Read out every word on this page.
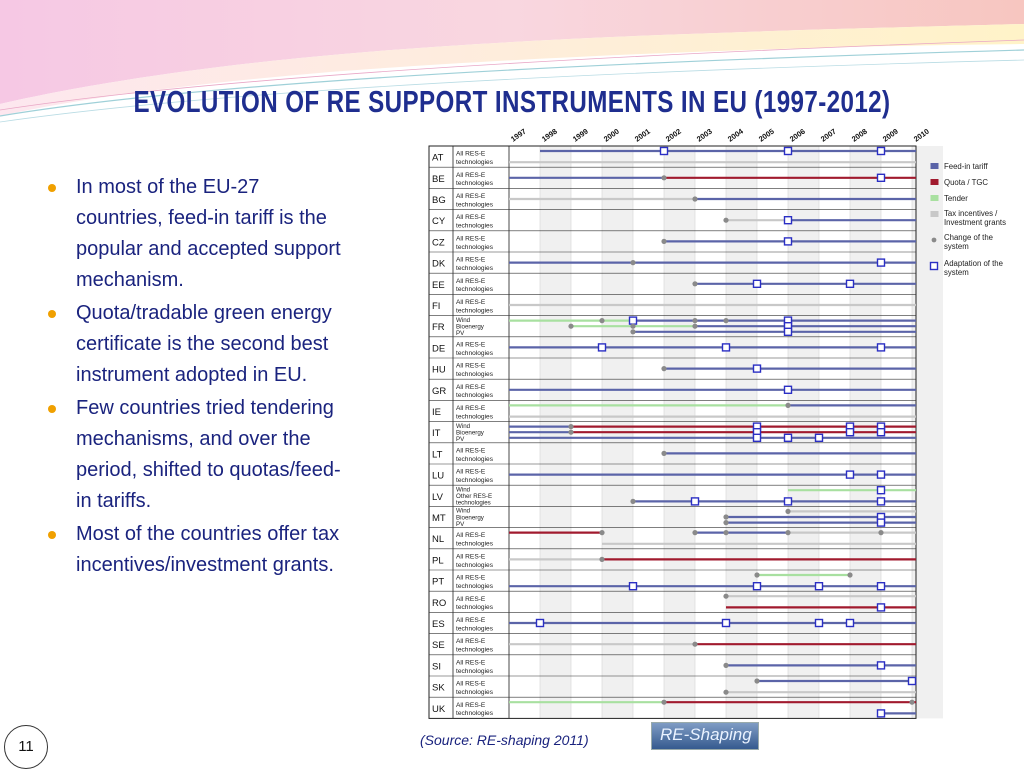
EVOLUTION OF RE SUPPORT INSTRUMENTS IN EU (1997-2012)
In most of the EU-27 countries, feed-in tariff is the popular and accepted support mechanism.
Quota/tradable green energy certificate is the second best instrument adopted in EU.
Few countries tried tendering mechanisms, and over the period, shifted to quotas/feed-in tariffs.
Most of the countries offer tax incentives/investment grants.
1997 1998 1999 2000 2001 2002 2003 2004 2005 2006 2007 2008 2009 2010
AT All RES-E
technologies
BE All RES-E
technologies
BG All RES-E
technologies
CY All RES-E
technologies
CZ All RES-E
technologies
DK All RES-E
technologies
EE All RES-E
technologies
FI All RES-E
technologies
FR
Wind
Bioenergy
PV
DE All RES-E
technologies
HU All RES-E
technologies
GR All RES-E
technologies
IE All RES-E
technologies
IT
Wind
Bioenergy
PV
LT All RES-E
technologies
LU All RES-E
technologies
LV
Wind
Other RES-E
technologies
MT
Wind
Bioenergy
PV
NL All RES-E
technologies
PL All RES-E
technologies
PT All RES-E
technologies
RO All RES-E
technologies
ES All RES-E
technologies
SE All RES-E
technologies
SI All RES-E
technologies
SK All RES-E
technologies
UK All RES-E
technologies
Feed-in tariff
Quota / TGC
Tender
Tax incentives /
Investment grants
Change of the
system
Adaptation of the
system
(Source: RE-shaping 2011)	RE-Shaping
11
